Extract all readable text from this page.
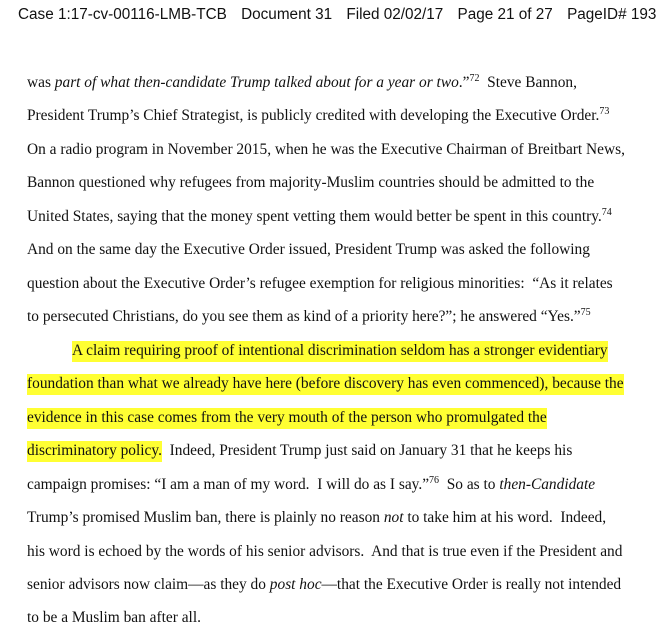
Case 1:17-cv-00116-LMB-TCB Document 31 Filed 02/02/17 Page 21 of 27 PageID# 193
was part of what then-candidate Trump talked about for a year or two.”$^{72}$  Steve Bannon,
President Trump’s Chief Strategist, is publicly credited with developing the Executive Order.$^{73}$
On a radio program in November 2015, when he was the Executive Chairman of Breitbart News,
Bannon questioned why refugees from majority-Muslim countries should be admitted to the
United States, saying that the money spent vetting them would better be spent in this country.$^{74}$
And on the same day the Executive Order issued, President Trump was asked the following
question about the Executive Order’s refugee exemption for religious minorities:  “As it relates
to persecuted Christians, do you see them as kind of a priority here?”; he answered “Yes.”$^{75}$
A claim requiring proof of intentional discrimination seldom has a stronger evidentiary
foundation than what we already have here (before discovery has even commenced), because the
evidence in this case comes from the very mouth of the person who promulgated the
discriminatory policy.  Indeed, President Trump just said on January 31 that he keeps his
campaign promises: “I am a man of my word.  I will do as I say.”$^{76}$  So as to then-Candidate
Trump’s promised Muslim ban, there is plainly no reason not to take him at his word.  Indeed,
his word is echoed by the words of his senior advisors.  And that is true even if the President and
senior advisors now claim—as they do post hoc—that the Executive Order is really not intended
to be a Muslim ban after all.
